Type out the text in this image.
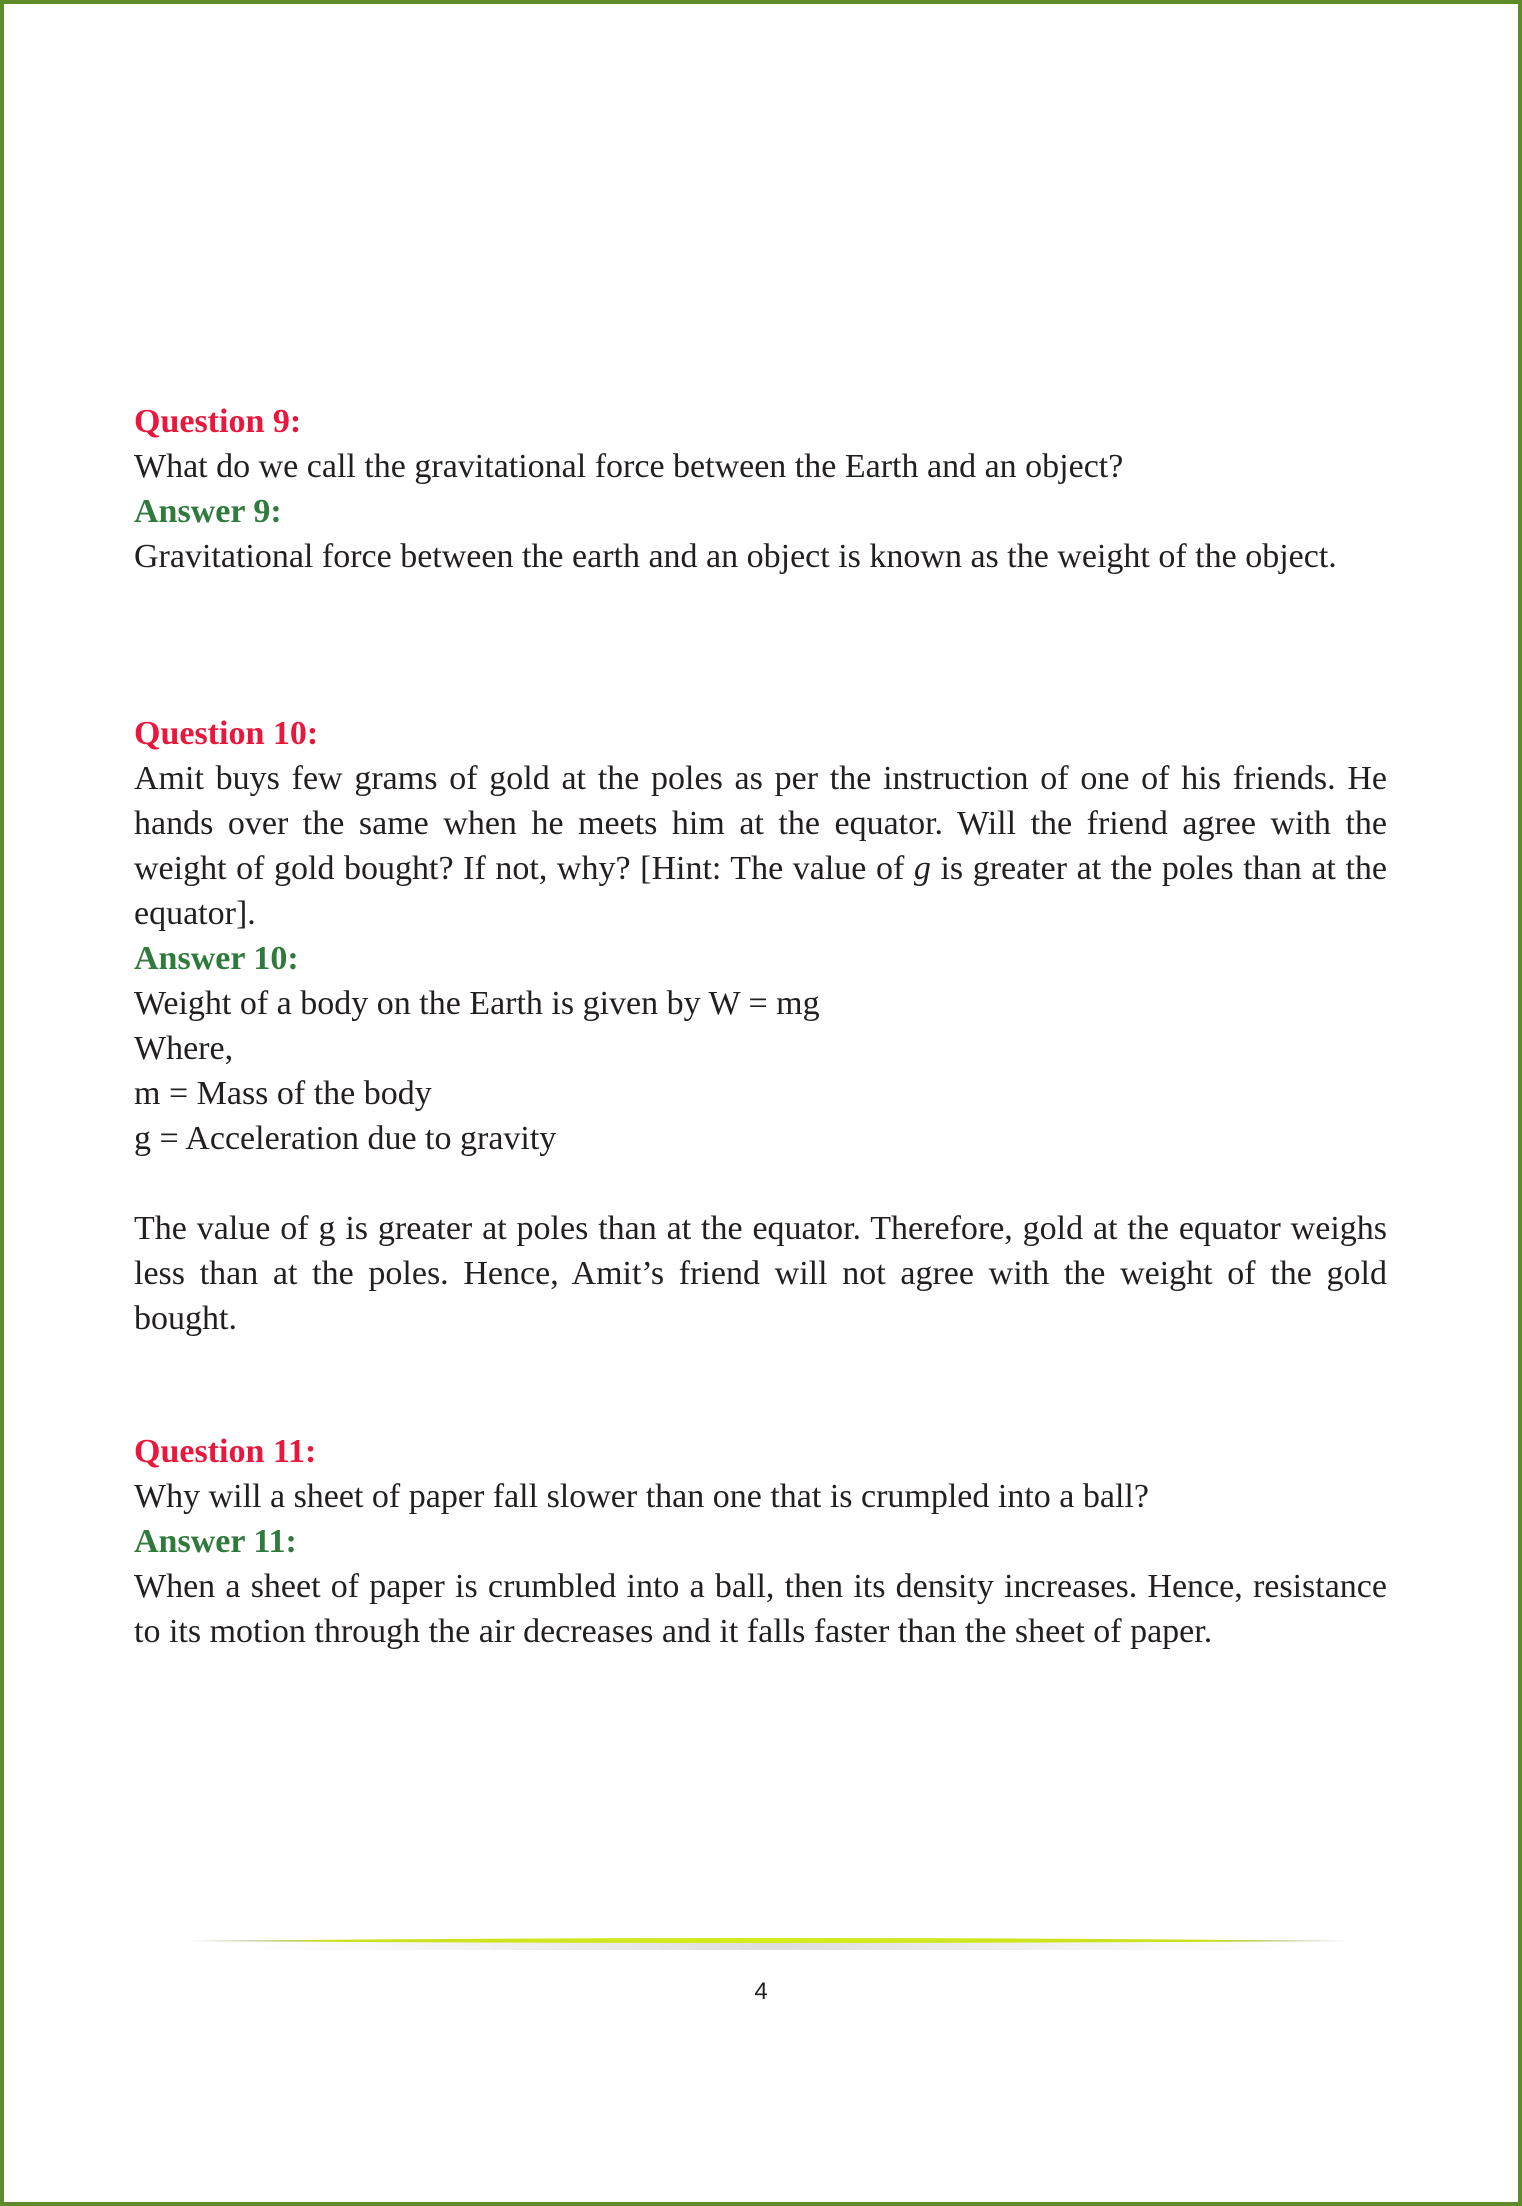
Question 9:
What do we call the gravitational force between the Earth and an object?
Answer 9:
Gravitational force between the earth and an object is known as the weight of the object.
Question 10:
Amit buys few grams of gold at the poles as per the instruction of one of his friends. He hands over the same when he meets him at the equator. Will the friend agree with the weight of gold bought? If not, why? [Hint: The value of g is greater at the poles than at the equator].
Answer 10:
Weight of a body on the Earth is given by W = mg
Where,
m = Mass of the body
g = Acceleration due to gravity
The value of g is greater at poles than at the equator. Therefore, gold at the equator weighs less than at the poles. Hence, Amit’s friend will not agree with the weight of the gold bought.
Question 11:
Why will a sheet of paper fall slower than one that is crumpled into a ball?
Answer 11:
When a sheet of paper is crumbled into a ball, then its density increases. Hence, resistance to its motion through the air decreases and it falls faster than the sheet of paper.
4
